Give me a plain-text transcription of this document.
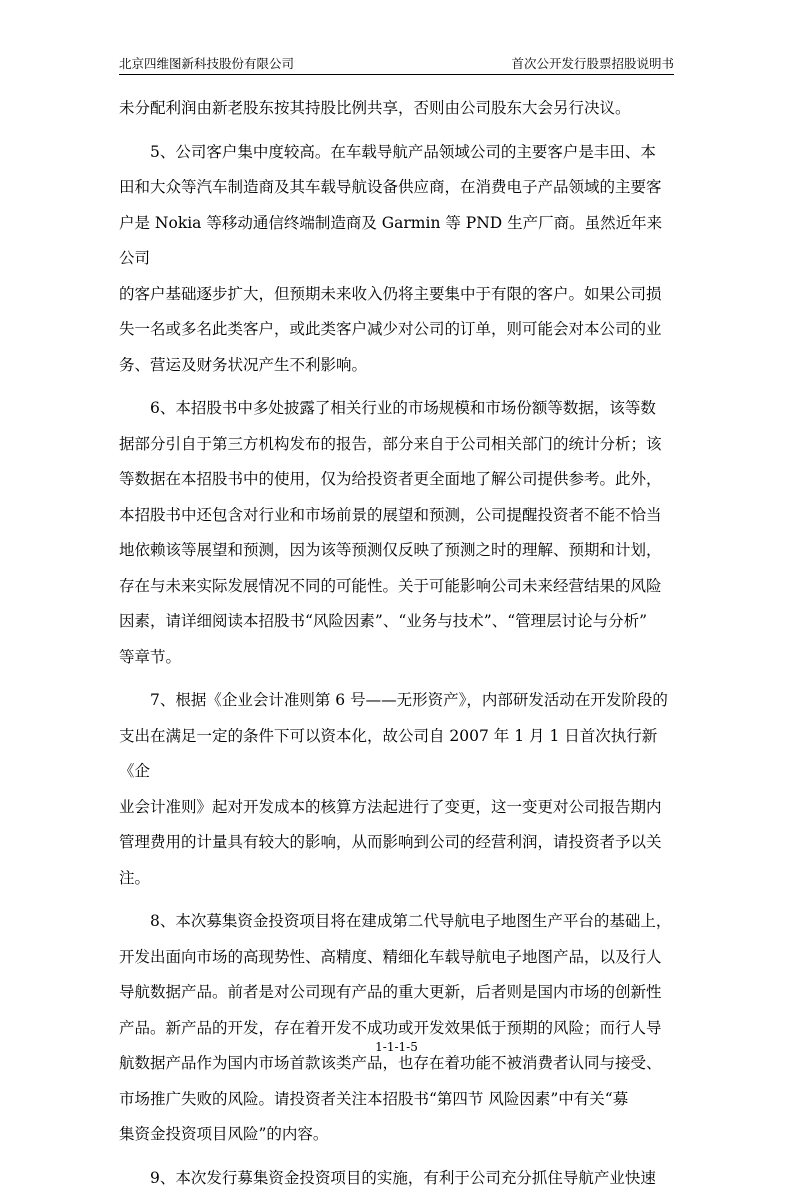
北京四维图新科技股份有限公司	首次公开发行股票招股说明书
未分配利润由新老股东按其持股比例共享，否则由公司股东大会另行决议。
5、公司客户集中度较高。在车载导航产品领域公司的主要客户是丰田、本
田和大众等汽车制造商及其车载导航设备供应商，在消费电子产品领域的主要客
户是 Nokia 等移动通信终端制造商及 Garmin 等 PND 生产厂商。虽然近年来公司
的客户基础逐步扩大，但预期未来收入仍将主要集中于有限的客户。如果公司损
失一名或多名此类客户，或此类客户减少对公司的订单，则可能会对本公司的业
务、营运及财务状况产生不利影响。
6、本招股书中多处披露了相关行业的市场规模和市场份额等数据，该等数
据部分引自于第三方机构发布的报告，部分来自于公司相关部门的统计分析；该
等数据在本招股书中的使用，仅为给投资者更全面地了解公司提供参考。此外，
本招股书中还包含对行业和市场前景的展望和预测，公司提醒投资者不能不恰当
地依赖该等展望和预测，因为该等预测仅反映了预测之时的理解、预期和计划，
存在与未来实际发展情况不同的可能性。关于可能影响公司未来经营结果的风险
因素，请详细阅读本招股书“风险因素”、“业务与技术”、“管理层讨论与分析”
等章节。
7、根据《企业会计准则第 6 号——无形资产》，内部研发活动在开发阶段的
支出在满足一定的条件下可以资本化，故公司自 2007 年 1 月 1 日首次执行新《企
业会计准则》起对开发成本的核算方法起进行了变更，这一变更对公司报告期内
管理费用的计量具有较大的影响，从而影响到公司的经营利润，请投资者予以关
注。
8、本次募集资金投资项目将在建成第二代导航电子地图生产平台的基础上，
开发出面向市场的高现势性、高精度、精细化车载导航电子地图产品，以及行人
导航数据产品。前者是对公司现有产品的重大更新，后者则是国内市场的创新性
产品。新产品的开发，存在着开发不成功或开发效果低于预期的风险；而行人导
航数据产品作为国内市场首款该类产品，也存在着功能不被消费者认同与接受、
市场推广失败的风险。请投资者关注本招股书“第四节 风险因素”中有关“募
集资金投资项目风险”的内容。
9、本次发行募集资金投资项目的实施，有利于公司充分抓住导航产业快速
1-1-1-5
